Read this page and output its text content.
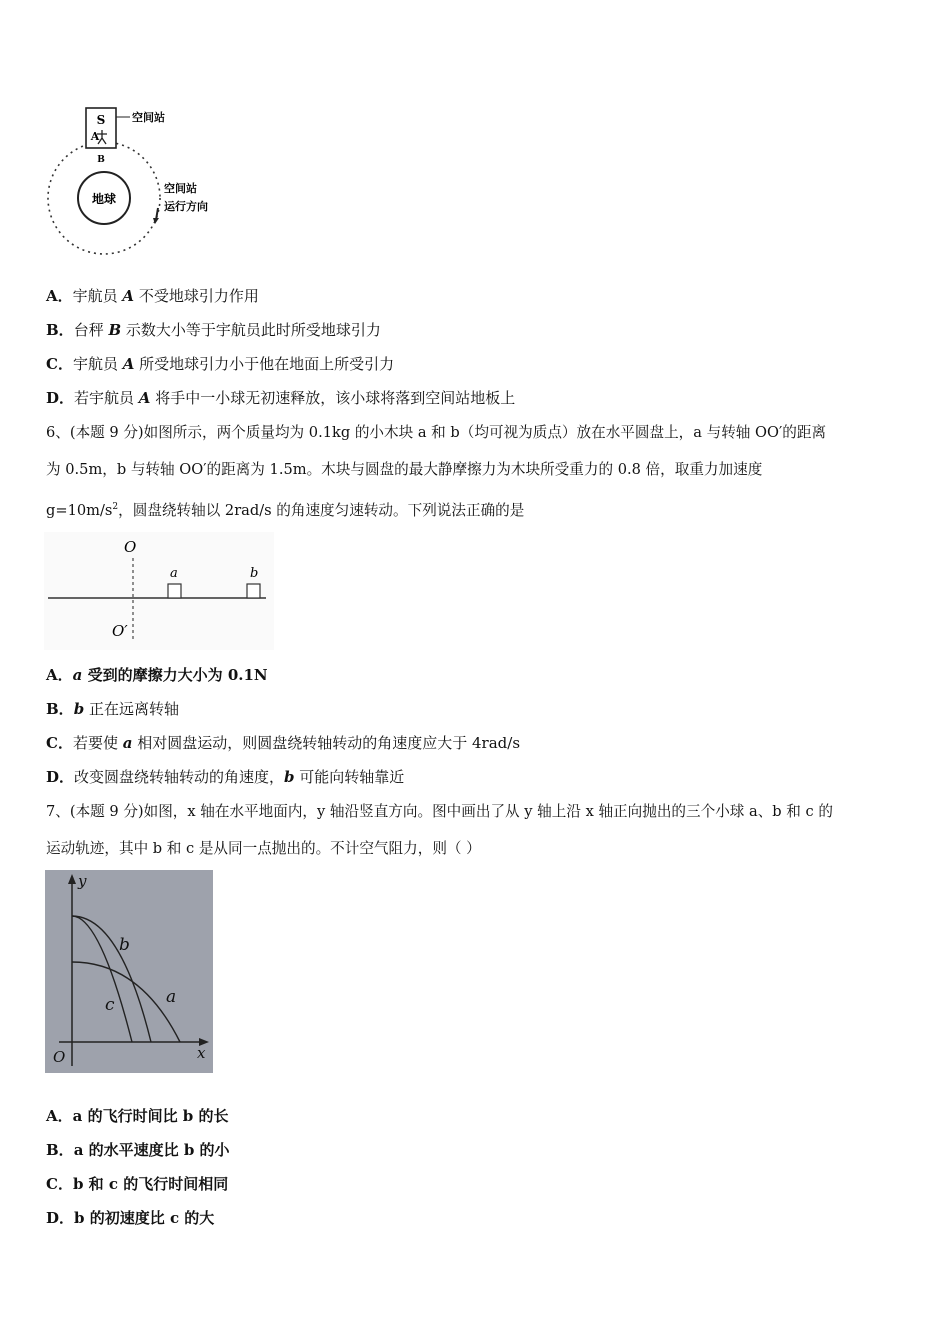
地球
S
A
B
空间站
空间站
运行方向
A．宇航员 A 不受地球引力作用
B．台秤 B 示数大小等于宇航员此时所受地球引力
C．宇航员 A 所受地球引力小于他在地面上所受引力
D．若宇航员 A 将手中一小球无初速释放，该小球将落到空间站地板上
6、(本题 9 分)如图所示，两个质量均为 0.1kg 的小木块 a 和 b（均可视为质点）放在水平圆盘上，a 与转轴 OO′的距离
为 0.5m，b 与转轴 OO′的距离为 1.5m。木块与圆盘的最大静摩擦力为木块所受重力的 0.8 倍，取重力加速度
$g=10m/s^2$，圆盘绕转轴以 2rad/s 的角速度匀速转动。下列说法正确的是
O
a	b
O′
A．a 受到的摩擦力大小为 0.1N
B．b 正在远离转轴
C．若要使 a 相对圆盘运动，则圆盘绕转轴转动的角速度应大于 4rad/s
D．改变圆盘绕转轴转动的角速度，b 可能向转轴靠近
7、(本题 9 分)如图，x 轴在水平地面内，y 轴沿竖直方向。图中画出了从 y 轴上沿 x 轴正向抛出的三个小球 a、b 和 c 的
运动轨迹，其中 b 和 c 是从同一点抛出的。不计空气阻力，则（ ）
y
x
O
b
c	a
A．a 的飞行时间比 b 的长
B．a 的水平速度比 b 的小
C．b 和 c 的飞行时间相同
D．b 的初速度比 c 的大
